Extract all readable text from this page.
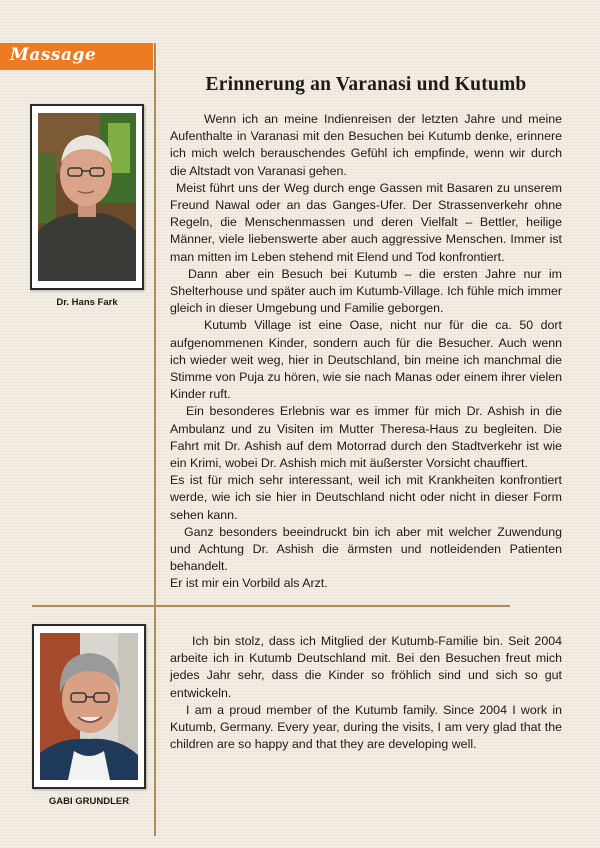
Massage
Erinnerung an Varanasi und Kutumb
Dr. Hans Fark

Wenn ich an meine Indienreisen der letzten Jahre und meine Aufenthalte in Varanasi mit den Besuchen bei Kutumb denke, erinnere ich mich welch berauschendes Gefühl ich empfinde, wenn wir durch die Altstadt von Varanasi gehen.

Meist führt uns der Weg durch enge Gassen mit Basaren zu unserem Freund Nawal oder an das Ganges-Ufer. Der Strassenverkehr ohne Regeln, die Menschenmassen und deren Vielfalt – Bettler, heilige Männer, viele liebenswerte aber auch aggressive Menschen. Immer ist man mitten im Leben stehend mit Elend und Tod konfrontiert.

Dann aber ein Besuch bei Kutumb – die ersten Jahre nur im Shelterhouse und später auch im Kutumb-Village. Ich fühle mich immer gleich in dieser Umgebung und Familie geborgen.

Kutumb Village ist eine Oase, nicht nur für die ca. 50 dort aufgenommenen Kinder, sondern auch für die Besucher. Auch wenn ich wieder weit weg, hier in Deutschland, bin meine ich manchmal die Stimme von Puja zu hören, wie sie nach Manas oder einem ihrer vielen Kinder ruft.

Ein besonderes Erlebnis war es immer für mich Dr. Ashish in die Ambulanz und zu Visiten im Mutter Theresa-Haus zu begleiten. Die Fahrt mit Dr. Ashish auf dem Motorrad durch den Stadtverkehr ist wie ein Krimi, wobei Dr. Ashish mich mit äußerster Vorsicht chauffiert.

Es ist für mich sehr interessant, weil ich mit Krankheiten konfrontiert werde, wie ich sie hier in Deutschland nicht oder nicht in dieser Form sehen kann.

Ganz besonders beeindruckt bin ich aber mit welcher Zuwendung und Achtung Dr. Ashish die ärmsten und notleidenden Patienten behandelt.

Er ist mir ein Vorbild als Arzt.

GABI GRUNDLER

Ich bin stolz, dass ich Mitglied der Kutumb-Familie bin. Seit 2004 arbeite ich in Kutumb Deutschland mit. Bei den Besuchen freut mich jedes Jahr sehr, dass die Kinder so fröhlich sind und sich so gut entwickeln.

I am a proud member of the Kutumb family. Since 2004 I work in Kutumb, Germany. Every year, during the visits, I am very glad that the children are so happy and that they are developing well.
